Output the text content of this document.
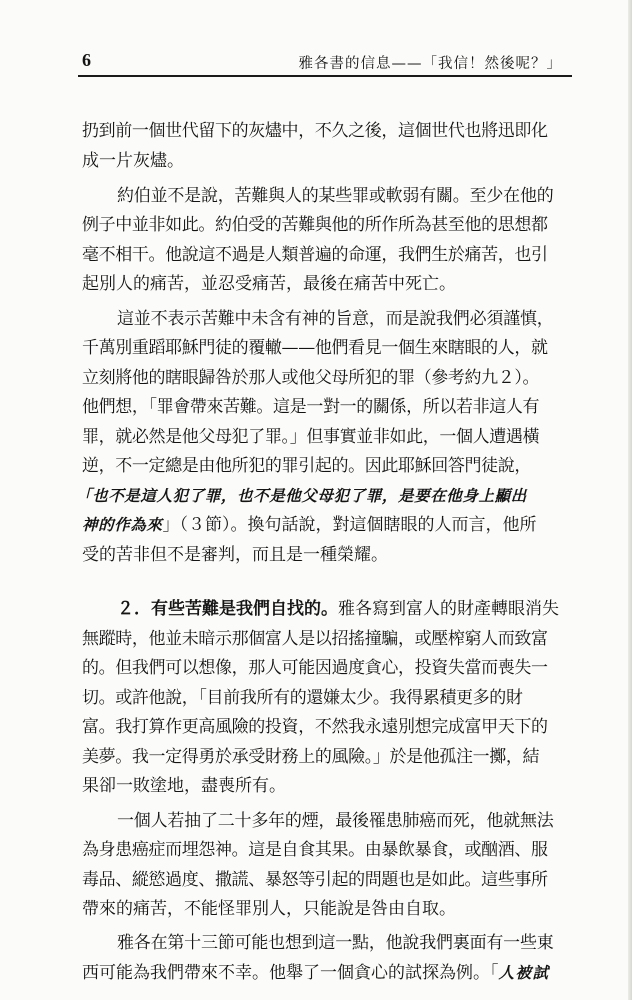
6	雅各書的信息——「我信！然後呢？」
扔到前一個世代留下的灰燼中，不久之後，這個世代也將迅即化
成一片灰燼。
約伯並不是說，苦難與人的某些罪或軟弱有關。至少在他的
例子中並非如此。約伯受的苦難與他的所作所為甚至他的思想都
毫不相干。他說這不過是人類普遍的命運，我們生於痛苦，也引
起別人的痛苦，並忍受痛苦，最後在痛苦中死亡。
這並不表示苦難中未含有神的旨意，而是說我們必須謹慎，
千萬別重蹈耶穌門徒的覆轍——他們看見一個生來瞎眼的人，就
立刻將他的瞎眼歸咎於那人或他父母所犯的罪（參考約九２）。
他們想，「罪會帶來苦難。這是一對一的關係，所以若非這人有
罪，就必然是他父母犯了罪。」但事實並非如此，一個人遭遇橫
逆，不一定總是由他所犯的罪引起的。因此耶穌回答門徒說，
「也不是這人犯了罪，也不是他父母犯了罪，是要在他身上顯出
神的作為來」（３節）。換句話說，對這個瞎眼的人而言，他所
受的苦非但不是審判，而且是一種榮耀。
２．有些苦難是我們自找的。雅各寫到富人的財產轉眼消失
無蹤時，他並未暗示那個富人是以招搖撞騙，或壓榨窮人而致富
的。但我們可以想像，那人可能因過度貪心，投資失當而喪失一
切。或許他說，「目前我所有的還嫌太少。我得累積更多的財
富。我打算作更高風險的投資，不然我永遠別想完成富甲天下的
美夢。我一定得勇於承受財務上的風險。」於是他孤注一擲，結
果卻一敗塗地，盡喪所有。
一個人若抽了二十多年的煙，最後罹患肺癌而死，他就無法
為身患癌症而埋怨神。這是自食其果。由暴飲暴食，或酗酒、服
毒品、縱慾過度、撒謊、暴怒等引起的問題也是如此。這些事所
帶來的痛苦，不能怪罪別人，只能說是咎由自取。
雅各在第十三節可能也想到這一點，他說我們裏面有一些東
西可能為我們帶來不幸。他舉了一個貪心的試探為例。「人被試
